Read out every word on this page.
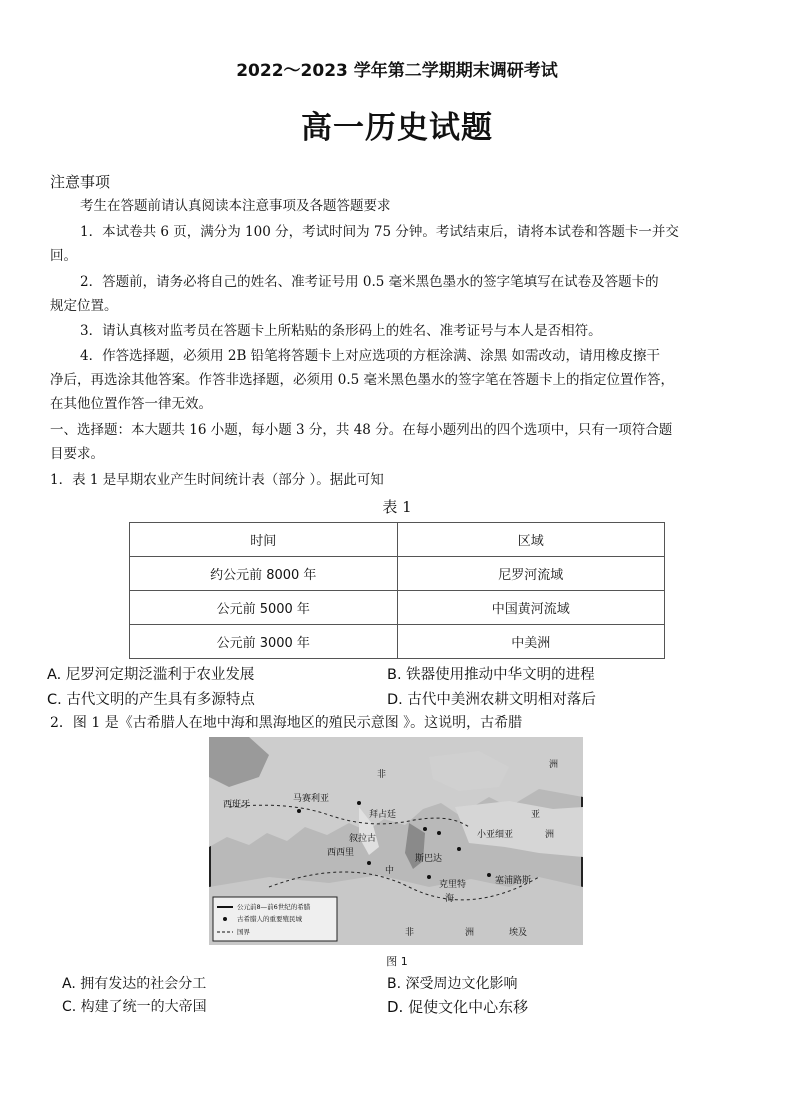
2022～2023 学年第二学期期末调研考试
高一历史试题
注意事项
考生在答题前请认真阅读本注意事项及各题答题要求
1．本试卷共 6 页，满分为 100 分，考试时间为 75 分钟。考试结束后，请将本试卷和答题卡一并交
回。
2．答题前，请务必将自己的姓名、准考证号用 0.5 毫米黑色墨水的签字笔填写在试卷及答题卡的
规定位置。
3．请认真核对监考员在答题卡上所粘贴的条形码上的姓名、准考证号与本人是否相符。
4．作答选择题，必须用 2B 铅笔将答题卡上对应选项的方框涂满、涂黑 如需改动，请用橡皮擦干
净后，再选涂其他答案。作答非选择题，必须用 0.5 毫米黑色墨水的签字笔在答题卡上的指定位置作答，
在其他位置作答一律无效。
一、选择题：本大题共 16 小题，每小题 3 分，共 48 分。在每小题列出的四个选项中，只有一项符合题
目要求。
1．表 1 是早期农业产生时间统计表（部分 ）。据此可知
表 1
时间	区域
约公元前 8000 年	尼罗河流域
公元前 5000 年	中国黄河流域
公元前 3000 年	中美洲
A. 尼罗河定期泛滥利于农业发展	B. 铁器使用推动中华文明的进程
C. 古代文明的产生具有多源特点	D. 古代中美洲农耕文明相对落后
2．图 1 是《古希腊人在地中海和黑海地区的殖民示意图 》。这说明，古希腊
西班牙
马赛利亚
非
洲
拜占廷
小亚细亚
亚
洲
西西里
叙拉古
斯巴达
克里特
中
海
塞浦路斯
非	洲	埃及
公元前8—前6世纪的希腊
古希腊人的重要殖民城
国界
图 1
A. 拥有发达的社会分工	B. 深受周边文化影响
C. 构建了统一的大帝国	D. 促使文化中心东移
